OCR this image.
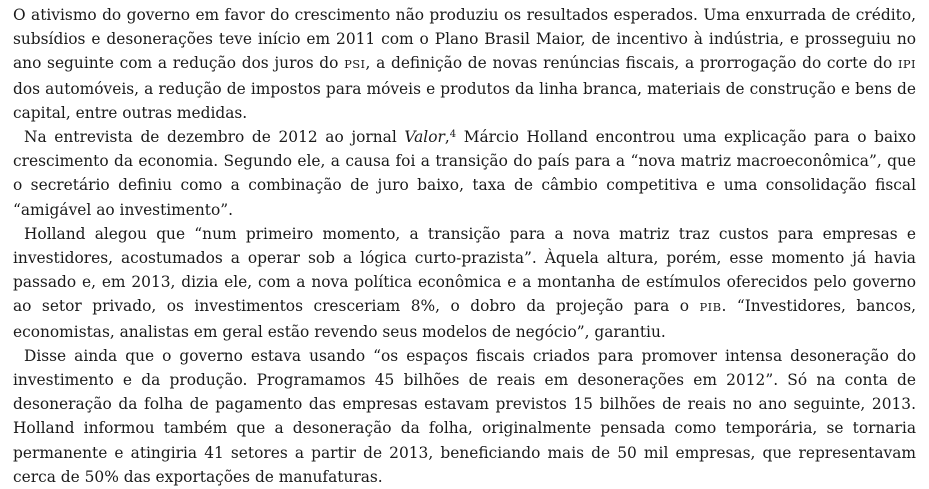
O ativismo do governo em favor do crescimento não produziu os resultados esperados. Uma enxurrada de crédito, subsídios e desonerações teve início em 2011 com o Plano Brasil Maior, de incentivo à indústria, e prosseguiu no ano seguinte com a redução dos juros do PSI, a definição de novas renúncias fiscais, a prorrogação do corte do IPI dos automóveis, a redução de impostos para móveis e produtos da linha branca, materiais de construção e bens de capital, entre outras medidas.

Na entrevista de dezembro de 2012 ao jornal Valor,$^4$ Márcio Holland encontrou uma explicação para o baixo crescimento da economia. Segundo ele, a causa foi a transição do país para a “nova matriz macroeconômica”, que o secretário definiu como a combinação de juro baixo, taxa de câmbio competitiva e uma consolidação fiscal “amigável ao investimento”.

Holland alegou que “num primeiro momento, a transição para a nova matriz traz custos para empresas e investidores, acostumados a operar sob a lógica curto-prazista”. Àquela altura, porém, esse momento já havia passado e, em 2013, dizia ele, com a nova política econômica e a montanha de estímulos oferecidos pelo governo ao setor privado, os investimentos cresceriam 8%, o dobro da projeção para o PIB. “Investidores, bancos, economistas, analistas em geral estão revendo seus modelos de negócio”, garantiu.

Disse ainda que o governo estava usando “os espaços fiscais criados para promover intensa desoneração do investimento e da produção. Programamos 45 bilhões de reais em desonerações em 2012”. Só na conta de desoneração da folha de pagamento das empresas estavam previstos 15 bilhões de reais no ano seguinte, 2013. Holland informou também que a desoneração da folha, originalmente pensada como temporária, se tornaria permanente e atingiria 41 setores a partir de 2013, beneficiando mais de 50 mil empresas, que representavam cerca de 50% das exportações de manufaturas.
